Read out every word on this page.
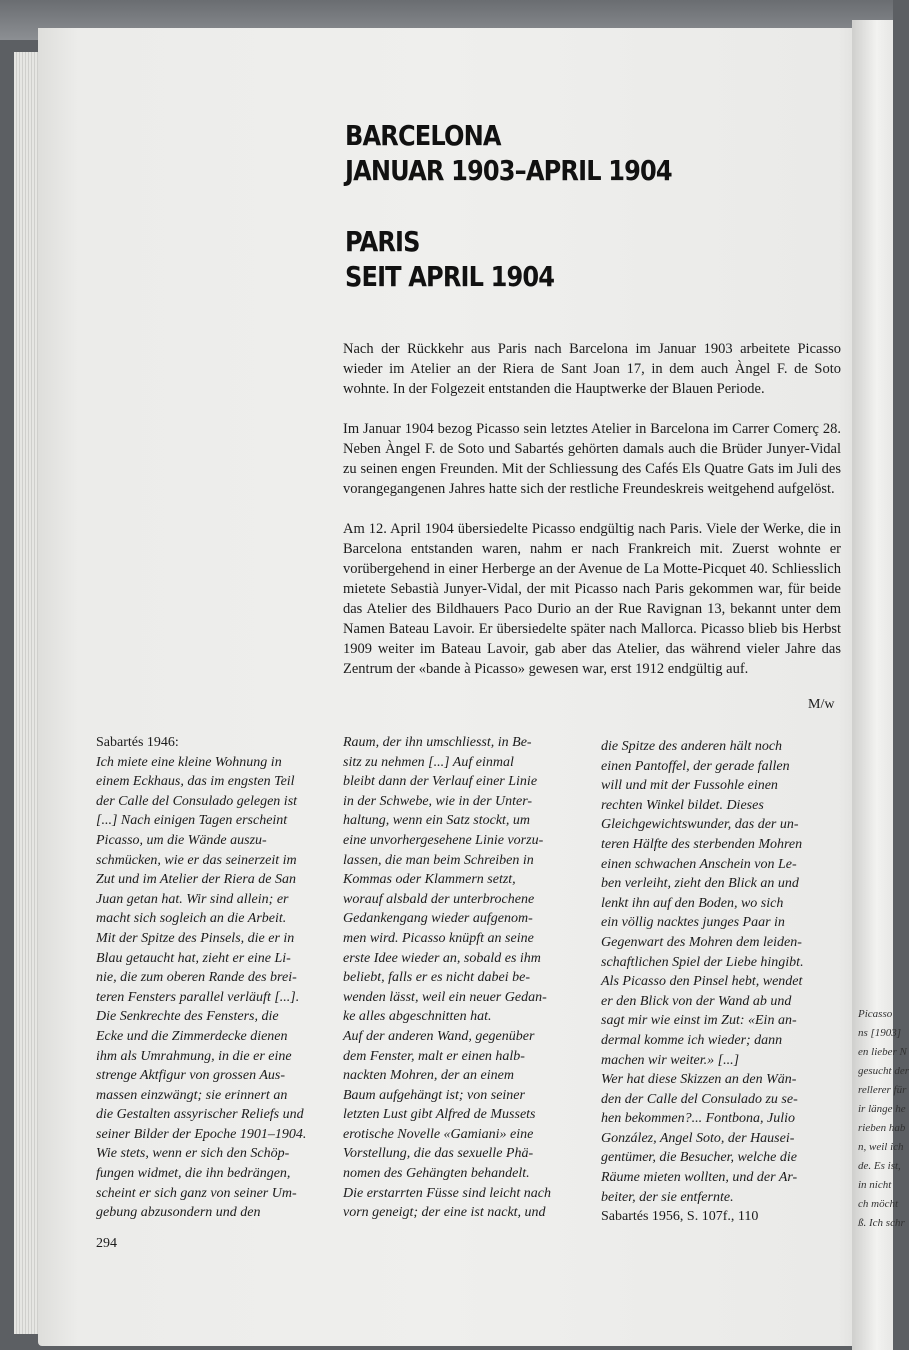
Picasso
ns [1903]
en lieber N
gesucht der
rellerer für
ir länge he
rieben hab
n, weil ich
de. Es ist,
in nicht
ch möcht
ß. Ich schr
BARCELONA
JANUAR 1903–APRIL 1904
PARIS
SEIT APRIL 1904

Nach der Rückkehr aus Paris nach Barcelona im Januar 1903 arbeitete Picasso wieder im Atelier an der Riera de Sant Joan 17, in dem auch Àngel F. de Soto wohnte. In der Folgezeit entstanden die Hauptwerke der Blauen Periode.

Im Januar 1904 bezog Picasso sein letztes Atelier in Barcelona im Carrer Comerç 28. Neben Àngel F. de Soto und Sabartés gehörten damals auch die Brüder Junyer-Vidal zu seinen engen Freunden. Mit der Schliessung des Cafés Els Quatre Gats im Juli des vorangegangenen Jahres hatte sich der restliche Freundeskreis weitgehend aufgelöst.

Am 12. April 1904 übersiedelte Picasso endgültig nach Paris. Viele der Werke, die in Barcelona entstanden waren, nahm er nach Frankreich mit. Zuerst wohnte er vorübergehend in einer Herberge an der Avenue de La Motte-Picquet 40. Schliesslich mietete Sebastià Junyer-Vidal, der mit Picasso nach Paris gekommen war, für beide das Atelier des Bildhauers Paco Durio an der Rue Ravignan 13, bekannt unter dem Namen Bateau Lavoir. Er übersiedelte später nach Mallorca. Picasso blieb bis Herbst 1909 weiter im Bateau Lavoir, gab aber das Atelier, das während vieler Jahre das Zentrum der «bande à Picasso» gewesen war, erst 1912 endgültig auf.

M/w
Sabartés 1946:
Ich miete eine kleine Wohnung in
einem Eckhaus, das im engsten Teil
der Calle del Consulado gelegen ist
[...] Nach einigen Tagen erscheint
Picasso, um die Wände auszu-
schmücken, wie er das seinerzeit im
Zut und im Atelier der Riera de San
Juan getan hat. Wir sind allein; er
macht sich sogleich an die Arbeit.
Mit der Spitze des Pinsels, die er in
Blau getaucht hat, zieht er eine Li-
nie, die zum oberen Rande des brei-
teren Fensters parallel verläuft [...].
Die Senkrechte des Fensters, die
Ecke und die Zimmerdecke dienen
ihm als Umrahmung, in die er eine
strenge Aktfigur von grossen Aus-
massen einzwängt; sie erinnert an
die Gestalten assyrischer Reliefs und
seiner Bilder der Epoche 1901–1904.
Wie stets, wenn er sich den Schöp-
fungen widmet, die ihn bedrängen,
scheint er sich ganz von seiner Um-
gebung abzusondern und den
Raum, der ihn umschliesst, in Be-
sitz zu nehmen [...] Auf einmal
bleibt dann der Verlauf einer Linie
in der Schwebe, wie in der Unter-
haltung, wenn ein Satz stockt, um
eine unvorhergesehene Linie vorzu-
lassen, die man beim Schreiben in
Kommas oder Klammern setzt,
worauf alsbald der unterbrochene
Gedankengang wieder aufgenom-
men wird. Picasso knüpft an seine
erste Idee wieder an, sobald es ihm
beliebt, falls er es nicht dabei be-
wenden lässt, weil ein neuer Gedan-
ke alles abgeschnitten hat.
Auf der anderen Wand, gegenüber
dem Fenster, malt er einen halb-
nackten Mohren, der an einem
Baum aufgehängt ist; von seiner
letzten Lust gibt Alfred de Mussets
erotische Novelle «Gamiani» eine
Vorstellung, die das sexuelle Phä-
nomen des Gehängten behandelt.
Die erstarrten Füsse sind leicht nach
vorn geneigt; der eine ist nackt, und
die Spitze des anderen hält noch
einen Pantoffel, der gerade fallen
will und mit der Fussohle einen
rechten Winkel bildet. Dieses
Gleichgewichtswunder, das der un-
teren Hälfte des sterbenden Mohren
einen schwachen Anschein von Le-
ben verleiht, zieht den Blick an und
lenkt ihn auf den Boden, wo sich
ein völlig nacktes junges Paar in
Gegenwart des Mohren dem leiden-
schaftlichen Spiel der Liebe hingibt.
Als Picasso den Pinsel hebt, wendet
er den Blick von der Wand ab und
sagt mir wie einst im Zut: «Ein an-
dermal komme ich wieder; dann
machen wir weiter.» [...]
Wer hat diese Skizzen an den Wän-
den der Calle del Consulado zu se-
hen bekommen?... Fontbona, Julio
González, Angel Soto, der Hausei-
gentümer, die Besucher, welche die
Räume mieten wollten, und der Ar-
beiter, der sie entfernte.
Sabartés 1956, S. 107f., 110
294
